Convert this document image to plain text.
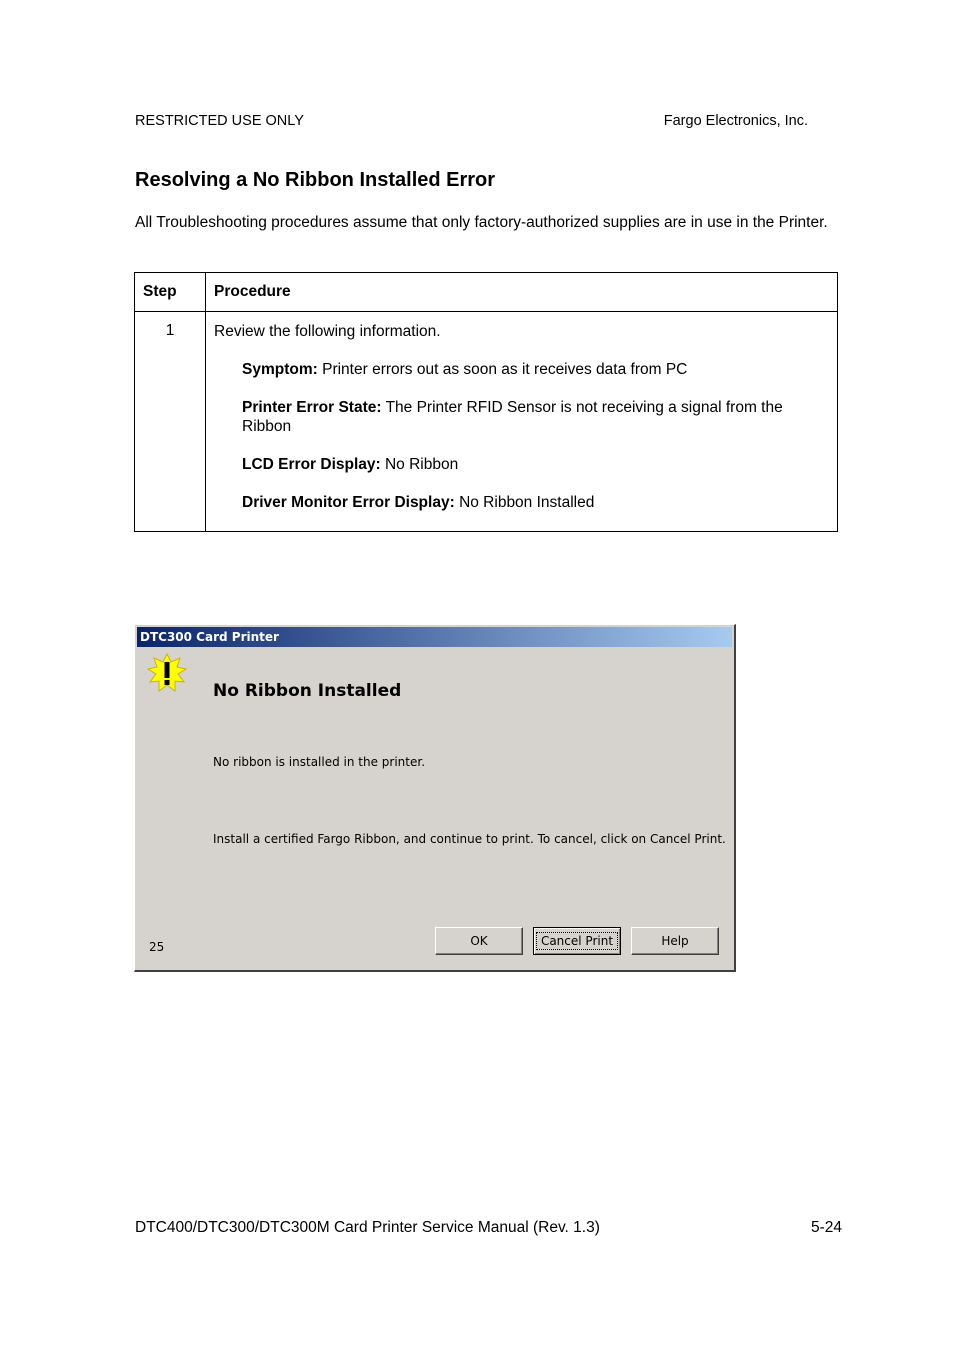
RESTRICTED USE ONLY	Fargo Electronics, Inc.
Resolving a No Ribbon Installed Error

All Troubleshooting procedures assume that only factory-authorized supplies are in use in the Printer.

Step	Procedure
1	Review the following information.
Symptom: Printer errors out as soon as it receives data from PC
Printer Error State: The Printer RFID Sensor is not receiving a signal from the Ribbon
LCD Error Display: No Ribbon
Driver Monitor Error Display: No Ribbon Installed
DTC300 Card Printer
No Ribbon Installed
No ribbon is installed in the printer.
Install a certified Fargo Ribbon, and continue to print. To cancel, click on Cancel Print.
25	OK	Cancel Print	Help
DTC400/DTC300/DTC300M Card Printer Service Manual (Rev. 1.3)	5-24
